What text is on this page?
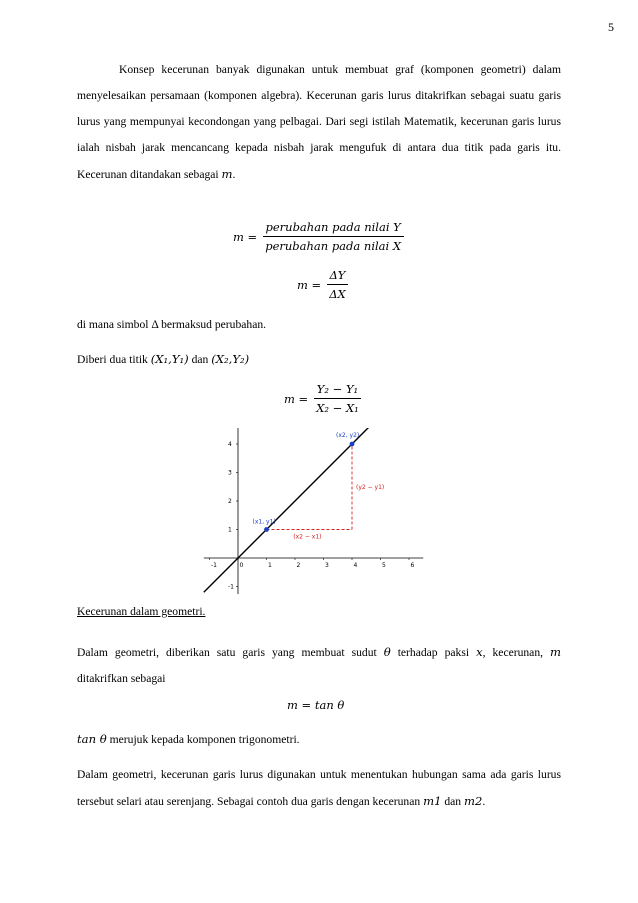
5

Konsep kecerunan banyak digunakan untuk membuat graf (komponen geometri) dalam menyelesaikan persamaan (komponen algebra). Kecerunan garis lurus ditakrifkan sebagai suatu garis lurus yang mempunyai kecondongan yang pelbagai. Dari segi istilah Matematik, kecerunan garis lurus ialah nisbah jarak mencancang kepada nisbah jarak mengufuk di antara dua titik pada garis itu. Kecerunan ditandakan sebagai m.

$m = \frac{\text{perubahan pada nilai Y}}{\text{perubahan pada nilai X}}$
$m = \frac{\Delta Y}{\Delta X}$
di mana simbol Δ bermaksud perubahan.
Diberi dua titik (X₁,Y₁) dan (X₂,Y₂)
$m = \frac{\text{Y₂ − Y₁}}{\text{X₂ − X₁}}$
-1	0	1	2	3	4	5	6
-1
1
2
3
4
(x1, y1)
(x2, y2)
(x2 − x1)
(y2 − y1)
Kecerunan dalam geometri.

Dalam geometri, diberikan satu garis yang membuat sudut θ terhadap paksi x, kecerunan, m ditakrifkan sebagai

m = tan θ
tan θ merujuk kepada komponen trigonometri.

Dalam geometri, kecerunan garis lurus digunakan untuk menentukan hubungan sama ada garis lurus tersebut selari atau serenjang. Sebagai contoh dua garis dengan kecerunan m1 dan m2.
